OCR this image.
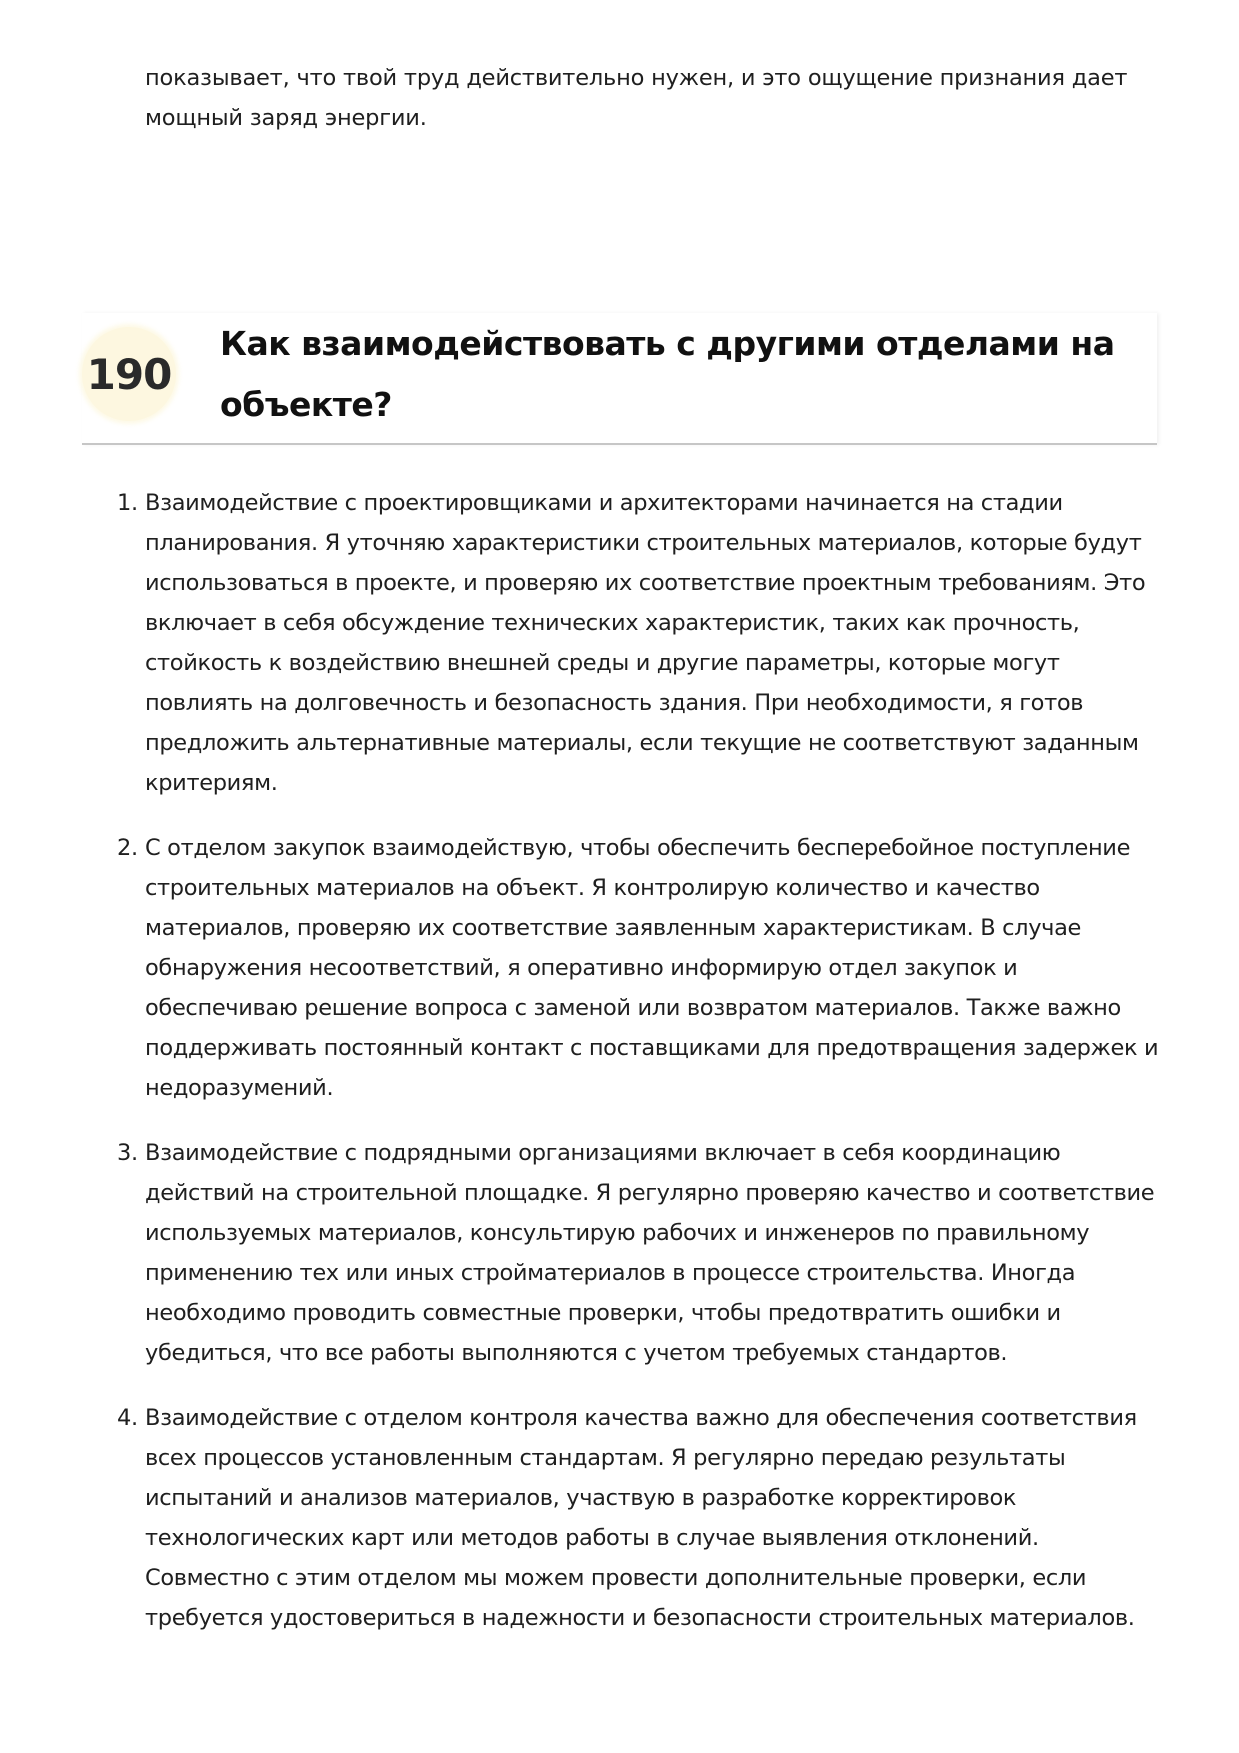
показывает, что твой труд действительно нужен, и это ощущение признания дает мощный заряд энергии.

190
Как взаимодействовать с другими отделами на объекте?
1. Взаимодействие с проектировщиками и архитекторами начинается на стадии планирования. Я уточняю характеристики строительных материалов, которые будут использоваться в проекте, и проверяю их соответствие проектным требованиям. Это включает в себя обсуждение технических характеристик, таких как прочность, стойкость к воздействию внешней среды и другие параметры, которые могут повлиять на долговечность и безопасность здания. При необходимости, я готов предложить альтернативные материалы, если текущие не соответствуют заданным критериям.
2. С отделом закупок взаимодействую, чтобы обеспечить бесперебойное поступление строительных материалов на объект. Я контролирую количество и качество материалов, проверяю их соответствие заявленным характеристикам. В случае обнаружения несоответствий, я оперативно информирую отдел закупок и обеспечиваю решение вопроса с заменой или возвратом материалов. Также важно поддерживать постоянный контакт с поставщиками для предотвращения задержек и недоразумений.
3. Взаимодействие с подрядными организациями включает в себя координацию действий на строительной площадке. Я регулярно проверяю качество и соответствие используемых материалов, консультирую рабочих и инженеров по правильному применению тех или иных стройматериалов в процессе строительства. Иногда необходимо проводить совместные проверки, чтобы предотвратить ошибки и убедиться, что все работы выполняются с учетом требуемых стандартов.
4. Взаимодействие с отделом контроля качества важно для обеспечения соответствия всех процессов установленным стандартам. Я регулярно передаю результаты испытаний и анализов материалов, участвую в разработке корректировок технологических карт или методов работы в случае выявления отклонений. Совместно с этим отделом мы можем провести дополнительные проверки, если требуется удостовериться в надежности и безопасности строительных материалов.
